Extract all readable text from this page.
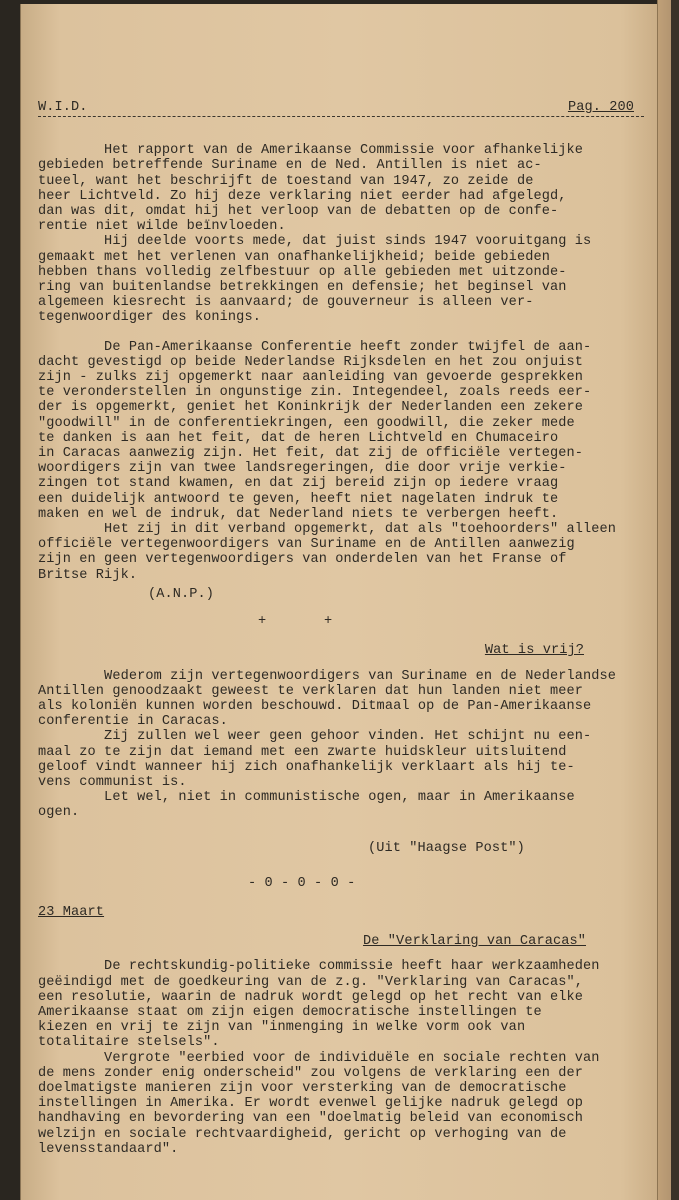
W.I.D.	Pag. 200
Het rapport van de Amerikaanse Commissie voor afhankelijke
gebieden betreffende Suriname en de Ned. Antillen is niet ac-
tueel, want het beschrijft de toestand van 1947, zo zeide de
heer Lichtveld. Zo hij deze verklaring niet eerder had afgelegd,
dan was dit, omdat hij het verloop van de debatten op de confe-
rentie niet wilde beïnvloeden.
Hij deelde voorts mede, dat juist sinds 1947 vooruitgang is
gemaakt met het verlenen van onafhankelijkheid; beide gebieden
hebben thans volledig zelfbestuur op alle gebieden met uitzonde-
ring van buitenlandse betrekkingen en defensie; het beginsel van
algemeen kiesrecht is aanvaard; de gouverneur is alleen ver-
tegenwoordiger des konings.
De Pan-Amerikaanse Conferentie heeft zonder twijfel de aan-
dacht gevestigd op beide Nederlandse Rijksdelen en het zou onjuist
zijn - zulks zij opgemerkt naar aanleiding van gevoerde gesprekken
te veronderstellen in ongunstige zin. Integendeel, zoals reeds eer-
der is opgemerkt, geniet het Koninkrijk der Nederlanden een zekere
"goodwill" in de conferentiekringen, een goodwill, die zeker mede
te danken is aan het feit, dat de heren Lichtveld en Chumaceiro
in Caracas aanwezig zijn. Het feit, dat zij de officiële vertegen-
woordigers zijn van twee landsregeringen, die door vrije verkie-
zingen tot stand kwamen, en dat zij bereid zijn op iedere vraag
een duidelijk antwoord te geven, heeft niet nagelaten indruk te
maken en wel de indruk, dat Nederland niets te verbergen heeft.
Het zij in dit verband opgemerkt, dat als "toehoorders" alleen
officiële vertegenwoordigers van Suriname en de Antillen aanwezig
zijn en geen vertegenwoordigers van onderdelen van het Franse of
Britse Rijk.
(A.N.P.)
+       +
Wat is vrij?
Wederom zijn vertegenwoordigers van Suriname en de Nederlandse
Antillen genoodzaakt geweest te verklaren dat hun landen niet meer
als koloniën kunnen worden beschouwd. Ditmaal op de Pan-Amerikaanse
conferentie in Caracas.
Zij zullen wel weer geen gehoor vinden. Het schijnt nu een-
maal zo te zijn dat iemand met een zwarte huidskleur uitsluitend
geloof vindt wanneer hij zich onafhankelijk verklaart als hij te-
vens communist is.
Let wel, niet in communistische ogen, maar in Amerikaanse
ogen.
(Uit "Haagse Post")
- 0 - 0 - 0 -
23 Maart
De "Verklaring van Caracas"
De rechtskundig-politieke commissie heeft haar werkzaamheden
geëindigd met de goedkeuring van de z.g. "Verklaring van Caracas",
een resolutie, waarin de nadruk wordt gelegd op het recht van elke
Amerikaanse staat om zijn eigen democratische instellingen te
kiezen en vrij te zijn van "inmenging in welke vorm ook van
totalitaire stelsels".
Vergrote "eerbied voor de individuële en sociale rechten van
de mens zonder enig onderscheid" zou volgens de verklaring een der
doelmatigste manieren zijn voor versterking van de democratische
instellingen in Amerika. Er wordt evenwel gelijke nadruk gelegd op
handhaving en bevordering van een "doelmatig beleid van economisch
welzijn en sociale rechtvaardigheid, gericht op verhoging van de
levensstandaard".
